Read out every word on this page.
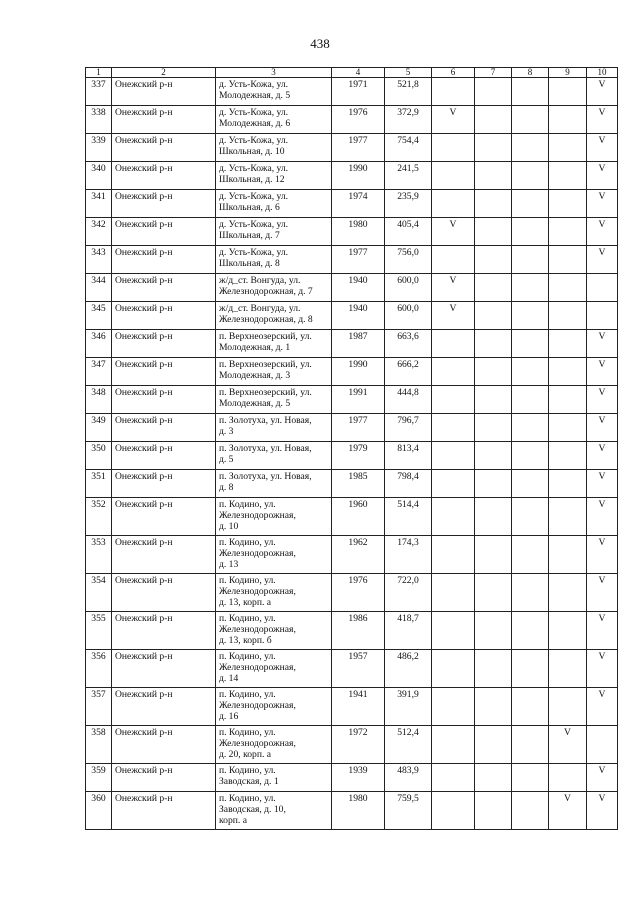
438
1	2	3	4	5	6	7	8	9	10
337	Онежский р-н	д. Усть-Кожа, ул.
Молодежная, д. 5	1971	521,8					V
338	Онежский р-н	д. Усть-Кожа, ул.
Молодежная, д. 6	1976	372,9	V				V
339	Онежский р-н	д. Усть-Кожа, ул.
Школьная, д. 10	1977	754,4					V
340	Онежский р-н	д. Усть-Кожа, ул.
Школьная, д. 12	1990	241,5					V
341	Онежский р-н	д. Усть-Кожа, ул.
Школьная, д. 6	1974	235,9					V
342	Онежский р-н	д. Усть-Кожа, ул.
Школьная, д. 7	1980	405,4	V				V
343	Онежский р-н	д. Усть-Кожа, ул.
Школьная, д. 8	1977	756,0					V
344	Онежский р-н	ж/д_ст. Вонгуда, ул.
Железнодорожная, д. 7	1940	600,0	V				
345	Онежский р-н	ж/д_ст. Вонгуда, ул.
Железнодорожная, д. 8	1940	600,0	V				
346	Онежский р-н	п. Верхнеозерский, ул.
Молодежная, д. 1	1987	663,6					V
347	Онежский р-н	п. Верхнеозерский, ул.
Молодежная, д. 3	1990	666,2					V
348	Онежский р-н	п. Верхнеозерский, ул.
Молодежная, д. 5	1991	444,8					V
349	Онежский р-н	п. Золотуха, ул. Новая,
д. 3	1977	796,7					V
350	Онежский р-н	п. Золотуха, ул. Новая,
д. 5	1979	813,4					V
351	Онежский р-н	п. Золотуха, ул. Новая,
д. 8	1985	798,4					V
352	Онежский р-н	п. Кодино, ул.
Железнодорожная,
д. 10	1960	514,4					V
353	Онежский р-н	п. Кодино, ул.
Железнодорожная,
д. 13	1962	174,3					V
354	Онежский р-н	п. Кодино, ул.
Железнодорожная,
д. 13, корп. а	1976	722,0					V
355	Онежский р-н	п. Кодино, ул.
Железнодорожная,
д. 13, корп. б	1986	418,7					V
356	Онежский р-н	п. Кодино, ул.
Железнодорожная,
д. 14	1957	486,2					V
357	Онежский р-н	п. Кодино, ул.
Железнодорожная,
д. 16	1941	391,9					V
358	Онежский р-н	п. Кодино, ул.
Железнодорожная,
д. 20, корп. а	1972	512,4				V	
359	Онежский р-н	п. Кодино, ул.
Заводская, д. 1	1939	483,9					V
360	Онежский р-н	п. Кодино, ул.
Заводская, д. 10,
корп. а	1980	759,5				V	V
